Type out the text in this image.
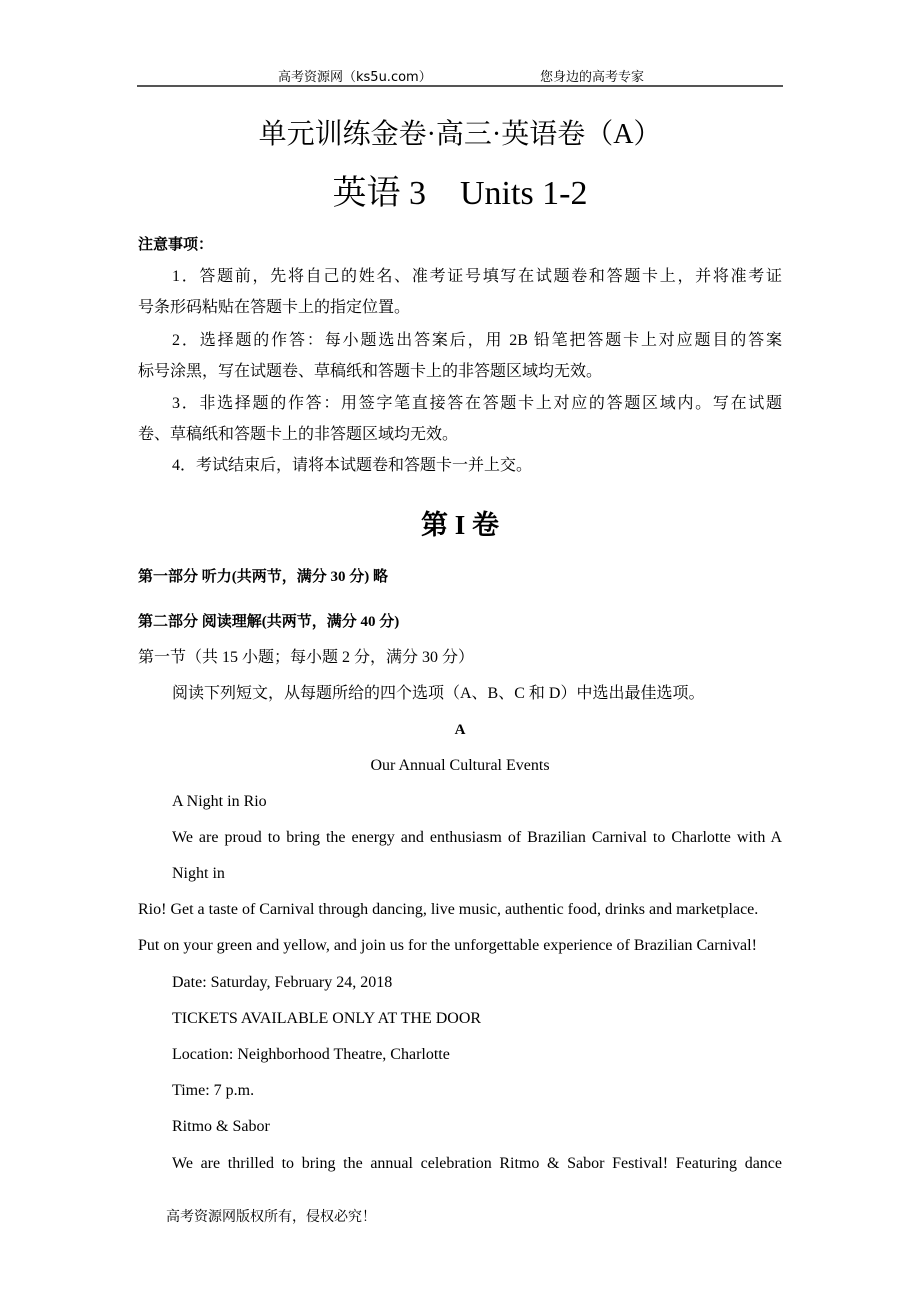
高考资源网（ks5u.com）	您身边的高考专家
单元训练金卷·高三·英语卷（A）
英语 3　Units 1-2
注意事项：
1．答题前，先将自己的姓名、准考证号填写在试题卷和答题卡上，并将准考证
号条形码粘贴在答题卡上的指定位置。
2．选择题的作答：每小题选出答案后，用 2B 铅笔把答题卡上对应题目的答案
标号涂黑，写在试题卷、草稿纸和答题卡上的非答题区域均无效。
3．非选择题的作答：用签字笔直接答在答题卡上对应的答题区域内。写在试题
卷、草稿纸和答题卡上的非答题区域均无效。
4．考试结束后，请将本试题卷和答题卡一并上交。
第 I 卷
第一部分 听力(共两节，满分 30 分) 略
第二部分 阅读理解(共两节，满分 40 分)
第一节（共 15 小题；每小题 2 分，满分 30 分）
阅读下列短文，从每题所给的四个选项（A、B、C 和 D）中选出最佳选项。
A
Our Annual Cultural Events
A Night in Rio
We are proud to bring the energy and enthusiasm of Brazilian Carnival to Charlotte with A
Night in
Rio! Get a taste of Carnival through dancing, live music, authentic food, drinks and marketplace.
Put on your green and yellow, and join us for the unforgettable experience of Brazilian Carnival!
Date: Saturday, February 24, 2018
TICKETS AVAILABLE ONLY AT THE DOOR
Location: Neighborhood Theatre, Charlotte
Time: 7 p.m.
Ritmo & Sabor
We are thrilled to bring the annual celebration Ritmo & Sabor Festival! Featuring dance
高考资源网版权所有，侵权必究！
